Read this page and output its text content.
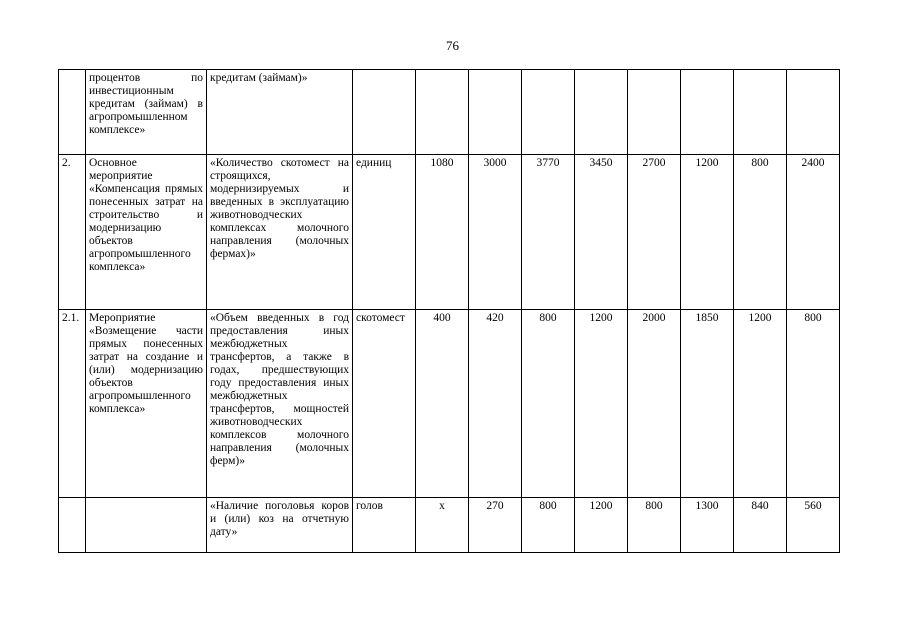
76
	процентов по инвестиционным кредитам (займам) в агропромышленном комплексе»	кредитам (займам)»									
2.	Основное мероприятие «Компенсация прямых понесенных затрат на строительство и модернизацию объектов агропромышленного комплекса»	«Количество скотомест на строящихся, модернизируемых и введенных в эксплуатацию животноводческих комплексах молочного направления (молочных фермах)»	единиц	1080	3000	3770	3450	2700	1200	800	2400
2.1.	Мероприятие «Возмещение части прямых понесенных затрат на создание и (или) модернизацию объектов агропромышленного комплекса»	«Объем введенных в год предоставления иных межбюджетных трансфертов, а также в годах, предшествующих году предоставления иных межбюджетных трансфертов, мощностей животноводческих комплексов молочного направления (молочных ферм)»	скотомест	400	420	800	1200	2000	1850	1200	800
		«Наличие поголовья коров и (или) коз на отчетную дату»	голов	х	270	800	1200	800	1300	840	560
